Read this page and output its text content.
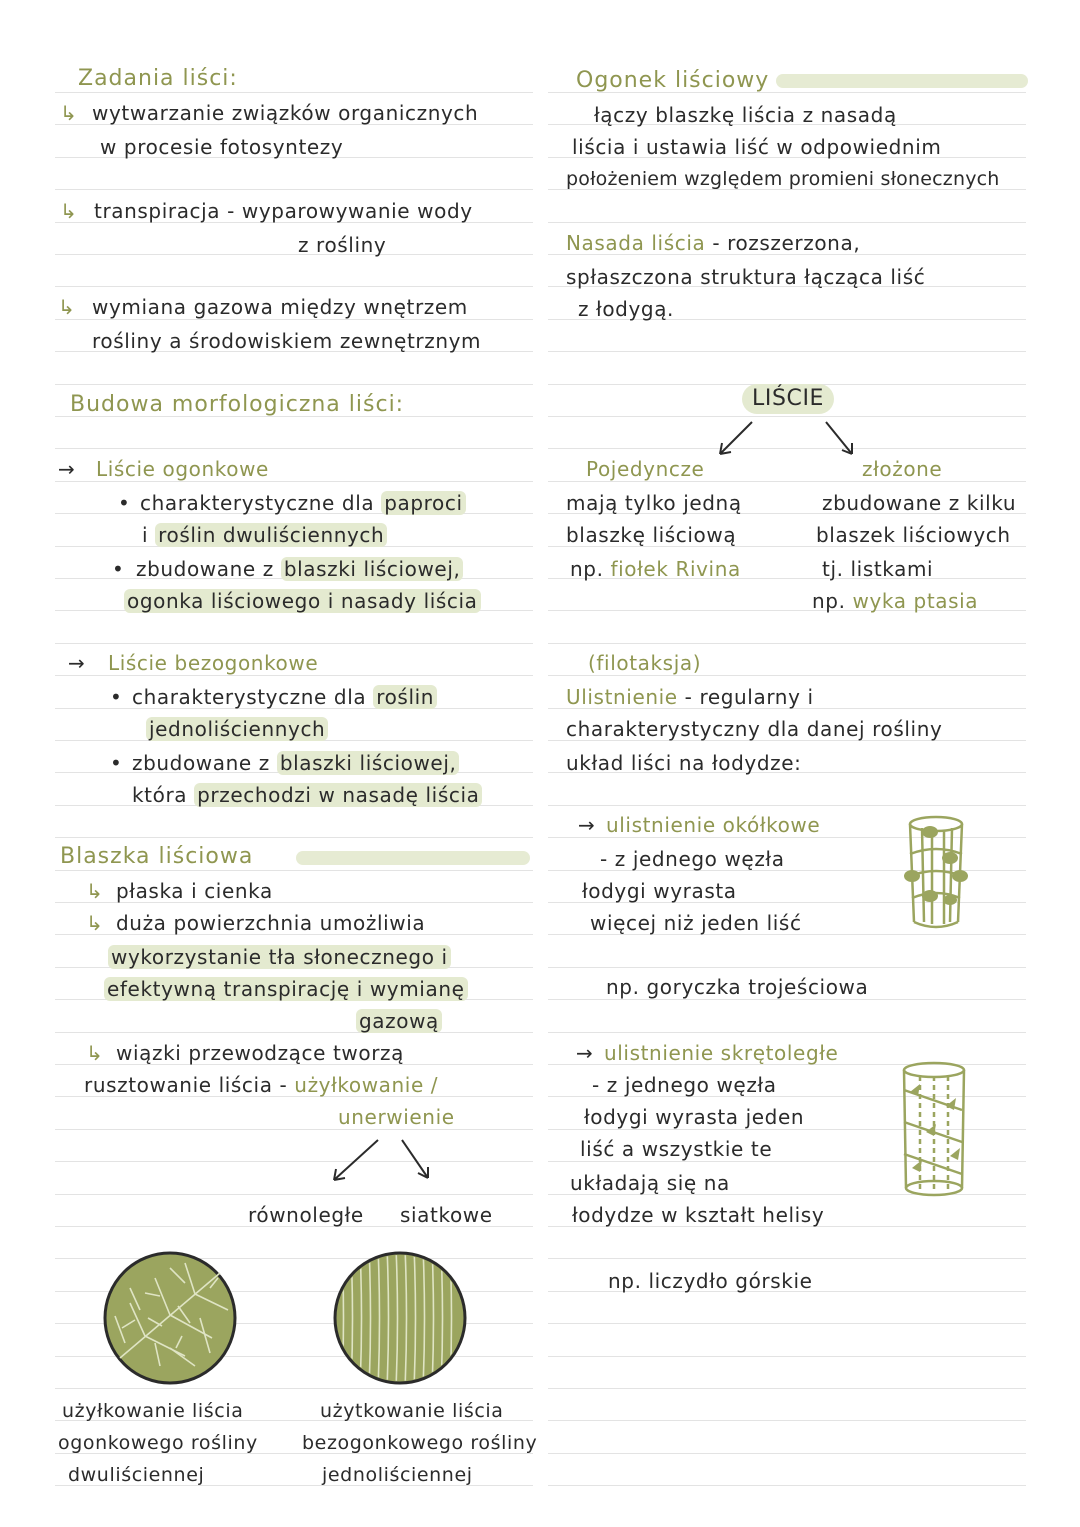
Zadania liści:
↳ wytwarzanie związków organicznych
w procesie fotosyntezy
↳ transpiracja - wyparowywanie wody
z rośliny
↳ wymiana gazowa między wnętrzem
rośliny a środowiskiem zewnętrznym
Budowa morfologiczna liści:
→ Liście ogonkowe
• charakterystyczne dla paproci
i roślin dwuliściennych
• zbudowane z blaszki liściowej,
ogonka liściowego i nasady liścia
→ Liście bezogonkowe
• charakterystyczne dla roślin
jednoliściennych
• zbudowane z blaszki liściowej,
która przechodzi w nasadę liścia
Blaszka liściowa
↳ płaska i cienka
↳ duża powierzchnia umożliwia
wykorzystanie tła słonecznego i
efektywną transpirację i wymianę
gazową
↳ wiązki przewodzące tworzą
rusztowanie liścia - użyłkowanie /
unerwienie
równoległe siatkowe
użyłkowanie liścia
ogonkowego rośliny
dwuliściennej
użytkowanie liścia
bezogonkowego rośliny
jednoliściennej
Ogonek liściowy
łączy blaszkę liścia z nasadą
liścia i ustawia liść w odpowiednim
położeniem względem promieni słonecznych
Nasada liścia - rozszerzona,
spłaszczona struktura łącząca liść
z łodygą.
LIŚCIE
Pojedyncze
mają tylko jedną
blaszkę liściową
np. fiołek Rivina
złożone
zbudowane z kilku
blaszek liściowych
tj. listkami
np. wyka ptasia
(filotaksja)
Ulistnienie - regularny i
charakterystyczny dla danej rośliny
układ liści na łodydze:
→ ulistnienie okółkowe
- z jednego węzła
łodygi wyrasta
więcej niż jeden liść
np. goryczka trojeściowa
→ ulistnienie skrętoległe
- z jednego węzła
łodygi wyrasta jeden
liść a wszystkie te
układają się na
łodydze w kształt helisy
np. liczydło górskie
